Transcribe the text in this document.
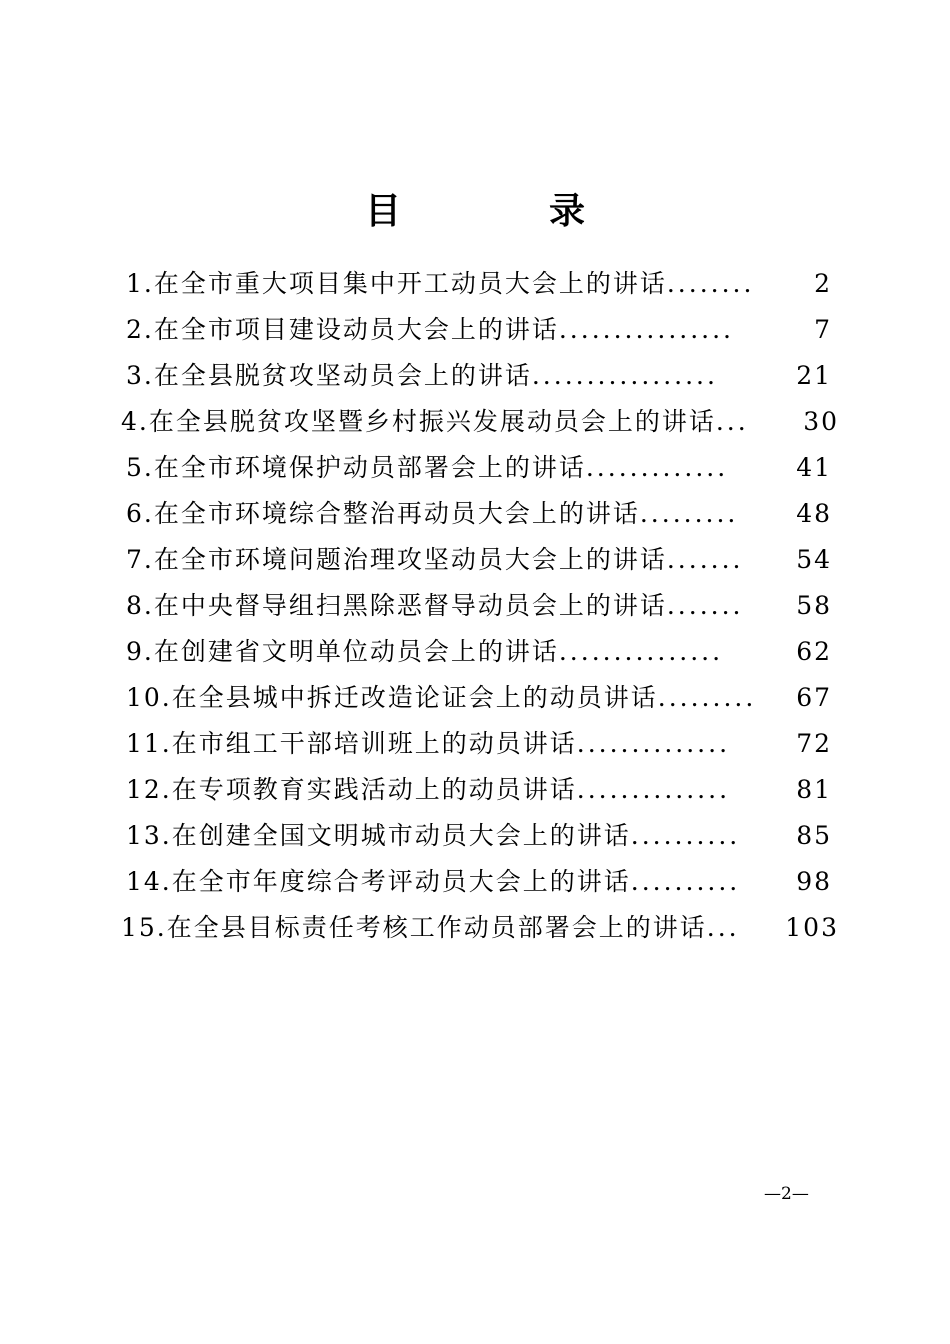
目　录
1.在全市重大项目集中开工动员大会上的讲话 ........	2
2.在全市项目建设动员大会上的讲话 ................	7
3.在全县脱贫攻坚动员会上的讲话 .................	21
4.在全县脱贫攻坚暨乡村振兴发展动员会上的讲话 ...	30
5.在全市环境保护动员部署会上的讲话 .............	41
6.在全市环境综合整治再动员大会上的讲话 .........	48
7.在全市环境问题治理攻坚动员大会上的讲话 .......	54
8.在中央督导组扫黑除恶督导动员会上的讲话 .......	58
9.在创建省文明单位动员会上的讲话 ...............	62
10.在全县城中拆迁改造论证会上的动员讲话 .........	67
11.在市组工干部培训班上的动员讲话 ..............	72
12.在专项教育实践活动上的动员讲话 ..............	81
13.在创建全国文明城市动员大会上的讲话 ..........	85
14.在全市年度综合考评动员大会上的讲话 ..........	98
15.在全县目标责任考核工作动员部署会上的讲话 ...	103
—2—
